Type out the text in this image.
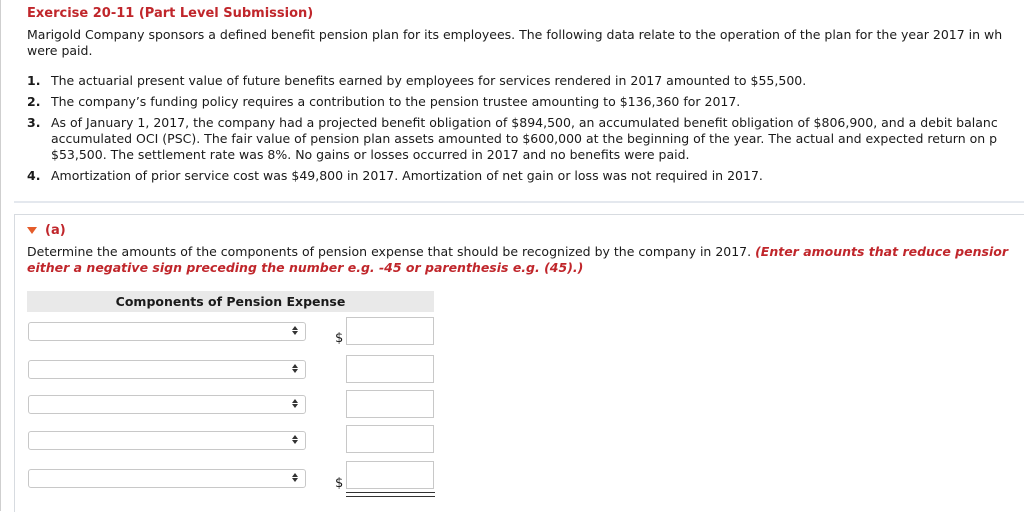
Exercise 20-11 (Part Level Submission)
Marigold Company sponsors a defined benefit pension plan for its employees. The following data relate to the operation of the plan for the year 2017 in wh
were paid.
1. The actuarial present value of future benefits earned by employees for services rendered in 2017 amounted to $55,500.
2. The company’s funding policy requires a contribution to the pension trustee amounting to $136,360 for 2017.
3. As of January 1, 2017, the company had a projected benefit obligation of $894,500, an accumulated benefit obligation of $806,900, and a debit balanc
accumulated OCI (PSC). The fair value of pension plan assets amounted to $600,000 at the beginning of the year. The actual and expected return on p
$53,500. The settlement rate was 8%. No gains or losses occurred in 2017 and no benefits were paid.
4. Amortization of prior service cost was $49,800 in 2017. Amortization of net gain or loss was not required in 2017.
(a)
Determine the amounts of the components of pension expense that should be recognized by the company in 2017. (Enter amounts that reduce pensior
either a negative sign preceding the number e.g. -45 or parenthesis e.g. (45).)
Components of Pension Expense
$
$
